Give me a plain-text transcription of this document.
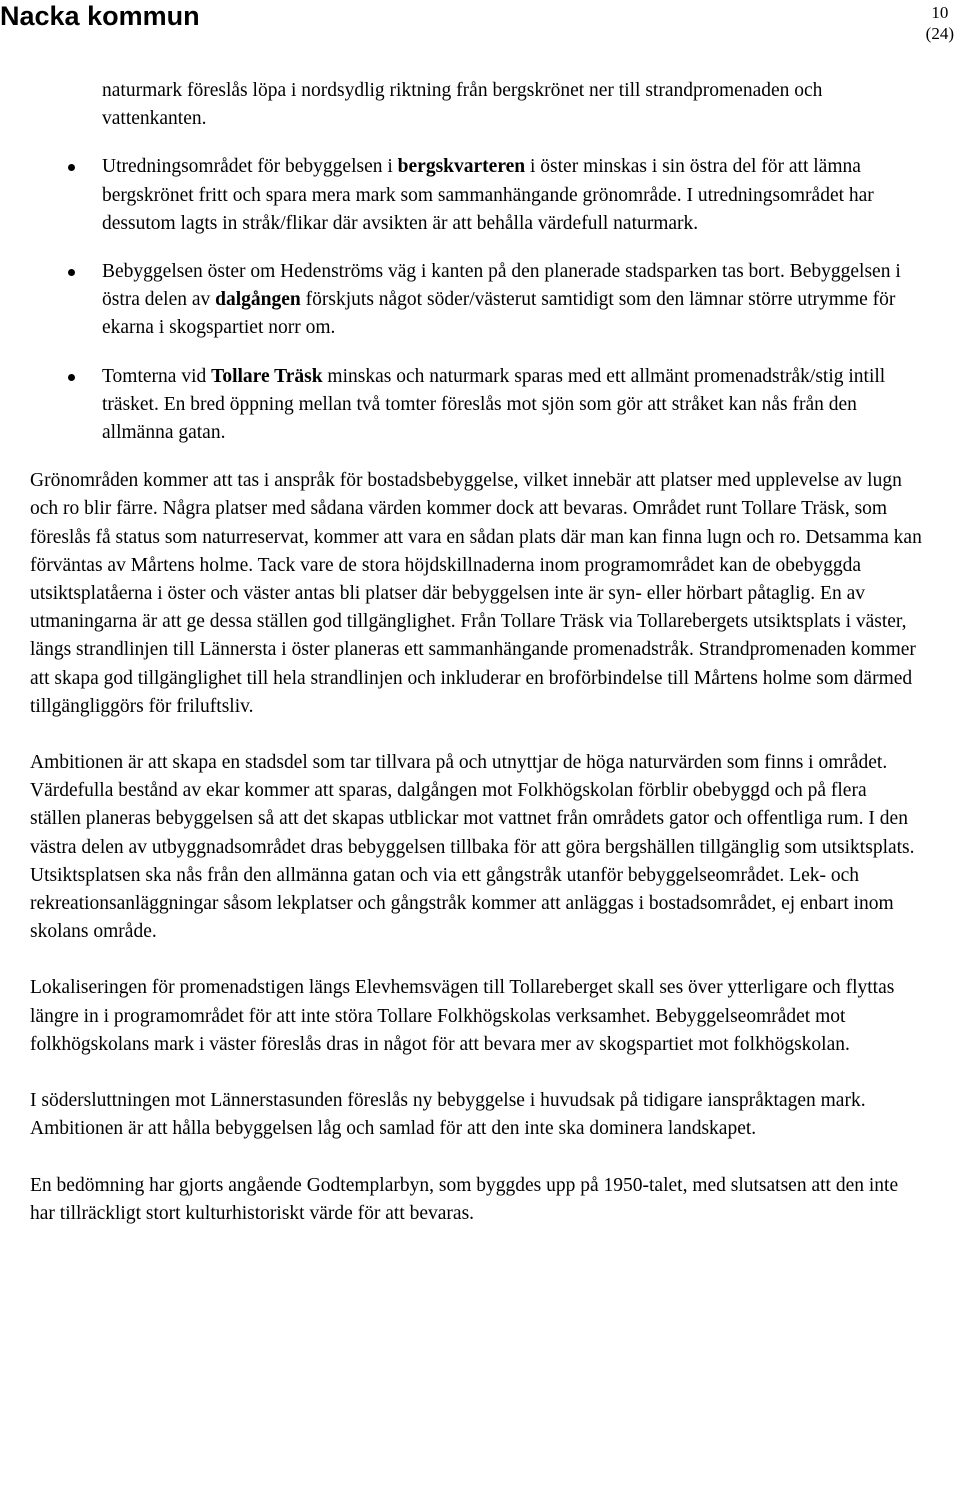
Nacka kommun	10
(24)
naturmark föreslås löpa i nordsydlig riktning från bergskrönet ner till strandpromenaden och vattenkanten.
Utredningsområdet för bebyggelsen i bergskvarteren i öster minskas i sin östra del för att lämna bergskrönet fritt och spara mera mark som sammanhängande grönområde. I utredningsområdet har dessutom lagts in stråk/flikar där avsikten är att behålla värdefull naturmark.
Bebyggelsen öster om Hedenströms väg i kanten på den planerade stadsparken tas bort. Bebyggelsen i östra delen av dalgången förskjuts något söder/västerut samtidigt som den lämnar större utrymme för ekarna i skogspartiet norr om.
Tomterna vid Tollare Träsk minskas och naturmark sparas med ett allmänt promenadstråk/stig intill träsket. En bred öppning mellan två tomter föreslås mot sjön som gör att stråket kan nås från den allmänna gatan.

Grönområden kommer att tas i anspråk för bostadsbebyggelse, vilket innebär att platser med upplevelse av lugn och ro blir färre. Några platser med sådana värden kommer dock att bevaras. Området runt Tollare Träsk, som föreslås få status som naturreservat, kommer att vara en sådan plats där man kan finna lugn och ro. Detsamma kan förväntas av Mårtens holme. Tack vare de stora höjdskillnaderna inom programområdet kan de obebyggda utsiktsplatåerna i öster och väster antas bli platser där bebyggelsen inte är syn- eller hörbart påtaglig. En av utmaningarna är att ge dessa ställen god tillgänglighet. Från Tollare Träsk via Tollarebergets utsiktsplats i väster, längs strandlinjen till Lännersta i öster planeras ett sammanhängande promenadstråk. Strandpromenaden kommer att skapa god tillgänglighet till hela strandlinjen och inkluderar en broförbindelse till Mårtens holme som därmed tillgängliggörs för friluftsliv.

Ambitionen är att skapa en stadsdel som tar tillvara på och utnyttjar de höga naturvärden som finns i området. Värdefulla bestånd av ekar kommer att sparas, dalgången mot Folkhögskolan förblir obebyggd och på flera ställen planeras bebyggelsen så att det skapas utblickar mot vattnet från områdets gator och offentliga rum. I den västra delen av utbyggnadsområdet dras bebyggelsen tillbaka för att göra bergshällen tillgänglig som utsiktsplats. Utsiktsplatsen ska nås från den allmänna gatan och via ett gångstråk utanför bebyggelseområdet. Lek- och rekreationsanläggningar såsom lekplatser och gångstråk kommer att anläggas i bostadsområdet, ej enbart inom skolans område.

Lokaliseringen för promenadstigen längs Elevhemsvägen till Tollareberget skall ses över ytterligare och flyttas längre in i programområdet för att inte störa Tollare Folkhögskolas verksamhet. Bebyggelseområdet mot folkhögskolans mark i väster föreslås dras in något för att bevara mer av skogspartiet mot folkhögskolan.

I södersluttningen mot Lännerstasunden föreslås ny bebyggelse i huvudsak på tidigare ianspråktagen mark. Ambitionen är att hålla bebyggelsen låg och samlad för att den inte ska dominera landskapet.

En bedömning har gjorts angående Godtemplarbyn, som byggdes upp på 1950-talet, med slutsatsen att den inte har tillräckligt stort kulturhistoriskt värde för att bevaras.
